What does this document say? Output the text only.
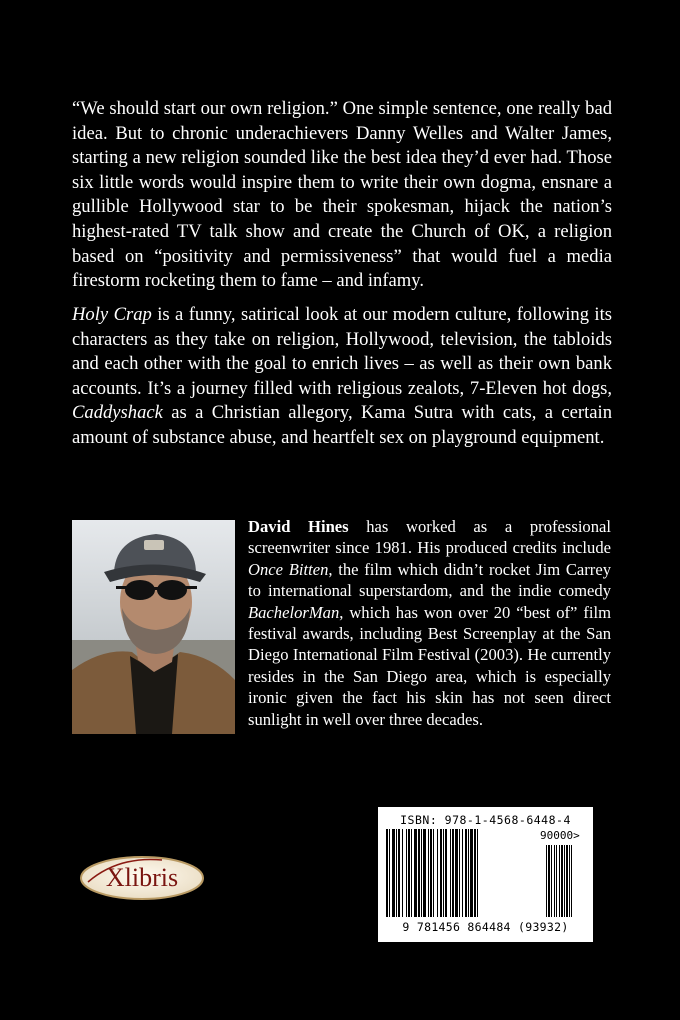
“We should start our own religion.” One simple sentence, one really bad idea. But to chronic underachievers Danny Welles and Walter James, starting a new religion sounded like the best idea they’d ever had. Those six little words would inspire them to write their own dogma, ensnare a gullible Hollywood star to be their spokesman, hijack the nation’s highest-rated TV talk show and create the Church of OK, a religion based on “positivity and permissiveness” that would fuel a media firestorm rocketing them to fame – and infamy.

Holy Crap is a funny, satirical look at our modern culture, following its characters as they take on religion, Hollywood, television, the tabloids and each other with the goal to enrich lives – as well as their own bank accounts. It’s a journey filled with religious zealots, 7-Eleven hot dogs, Caddyshack as a Christian allegory, Kama Sutra with cats, a certain amount of substance abuse, and heartfelt sex on playground equipment.

David Hines has worked as a professional screenwriter since 1981. His produced credits include Once Bitten, the film which didn’t rocket Jim Carrey to international superstardom, and the indie comedy BachelorMan, which has won over 20 “best of” film festival awards, including Best Screenplay at the San Diego International Film Festival (2003). He currently resides in the San Diego area, which is especially ironic given the fact his skin has not seen direct sunlight in well over three decades.

Xlibris
ISBN: 978-1-4568-6448-4
90000>
9 781456 864484 (93932)
